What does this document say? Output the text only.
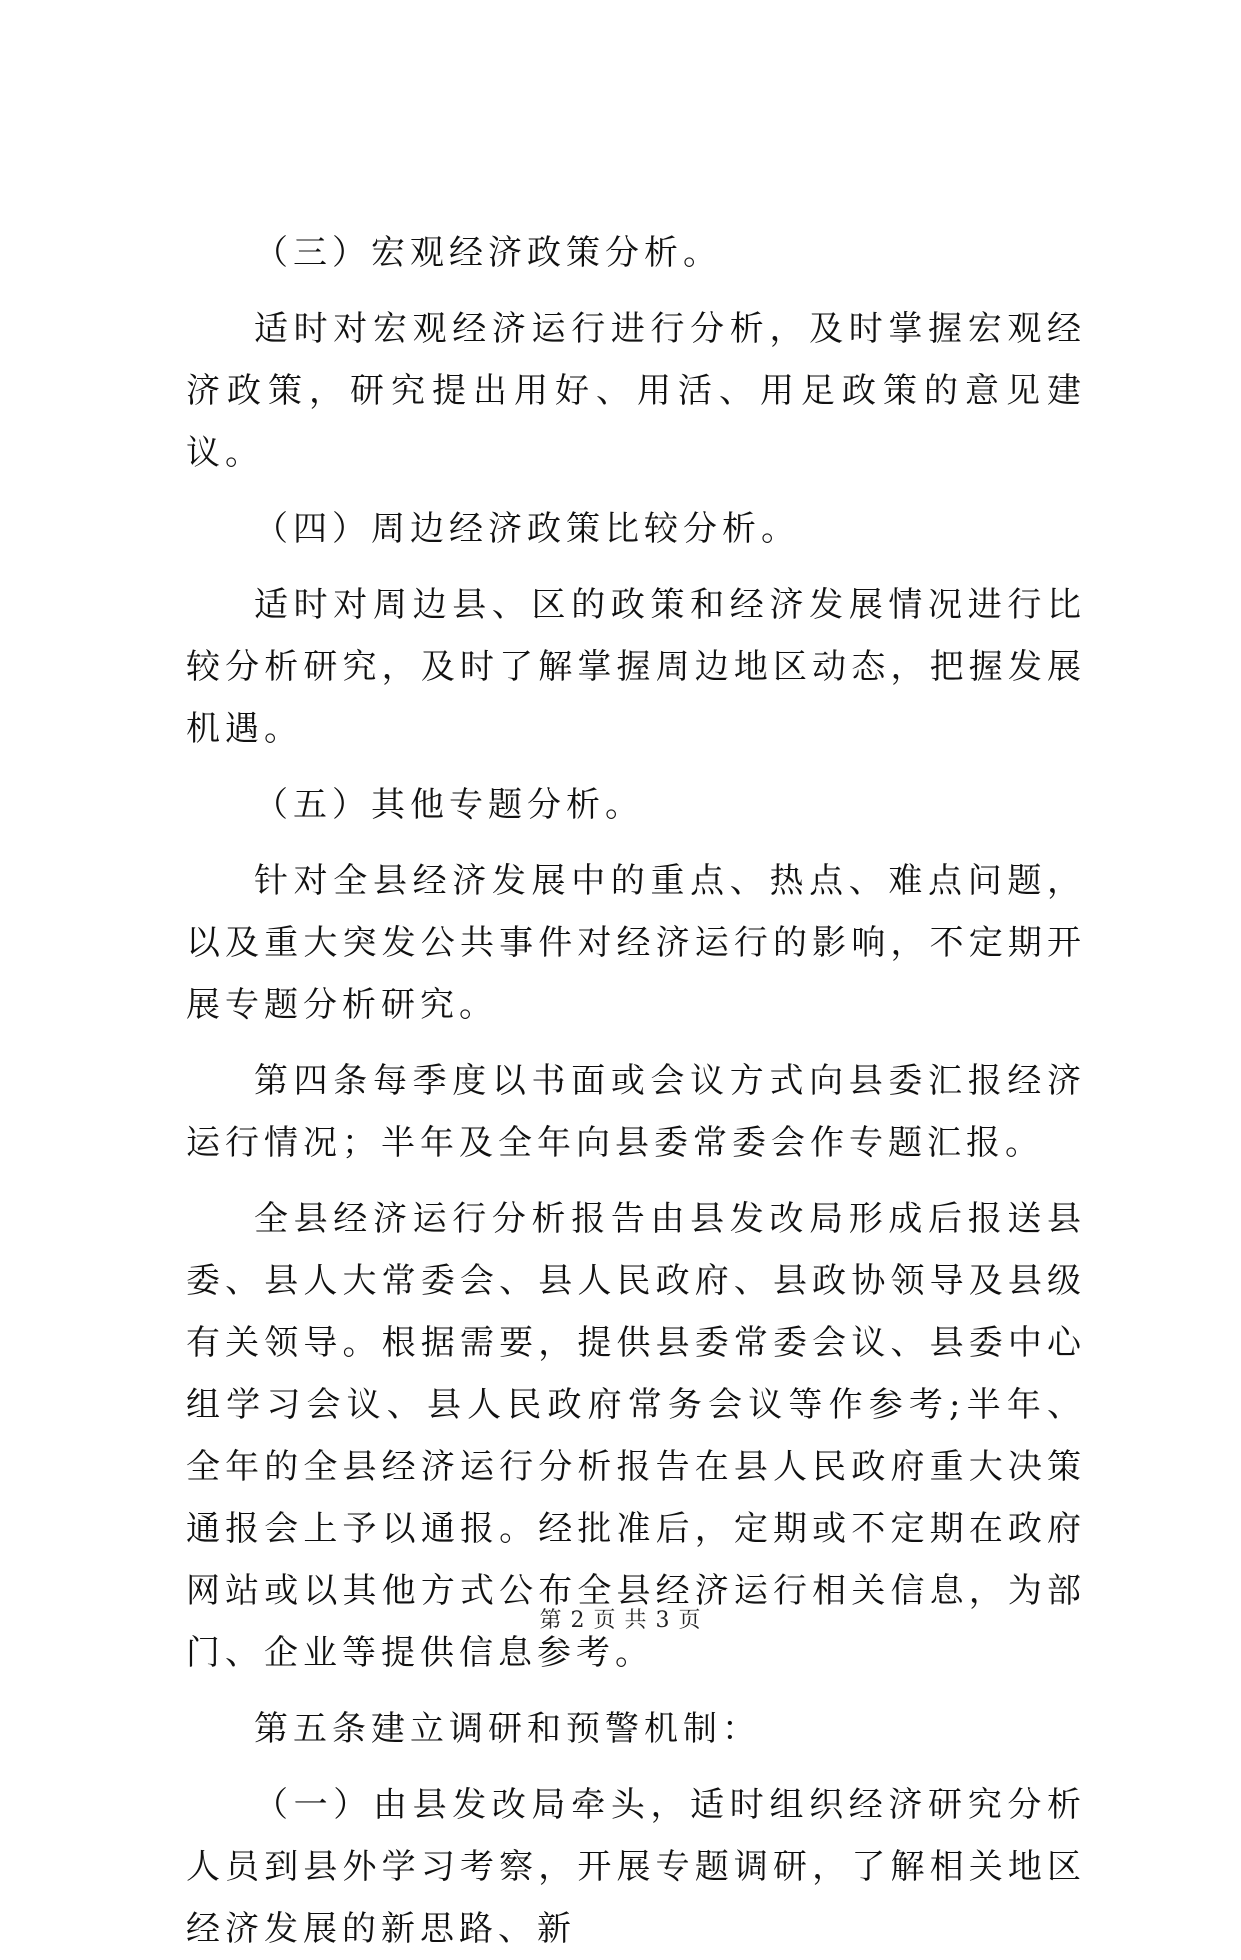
（三）宏观经济政策分析。

适时对宏观经济运行进行分析，及时掌握宏观经济政策，研究提出用好、用活、用足政策的意见建议。

（四）周边经济政策比较分析。

适时对周边县、区的政策和经济发展情况进行比较分析研究，及时了解掌握周边地区动态，把握发展机遇。

（五）其他专题分析。

针对全县经济发展中的重点、热点、难点问题，以及重大突发公共事件对经济运行的影响，不定期开展专题分析研究。

第四条每季度以书面或会议方式向县委汇报经济运行情况；半年及全年向县委常委会作专题汇报。

全县经济运行分析报告由县发改局形成后报送县委、县人大常委会、县人民政府、县政协领导及县级有关领导。根据需要，提供县委常委会议、县委中心组学习会议、县人民政府常务会议等作参考;半年、全年的全县经济运行分析报告在县人民政府重大决策通报会上予以通报。经批准后，定期或不定期在政府网站或以其他方式公布全县经济运行相关信息，为部门、企业等提供信息参考。

第五条建立调研和预警机制：

（一）由县发改局牵头，适时组织经济研究分析人员到县外学习考察，开展专题调研，了解相关地区经济发展的新思路、新

第 2 页 共 3 页
